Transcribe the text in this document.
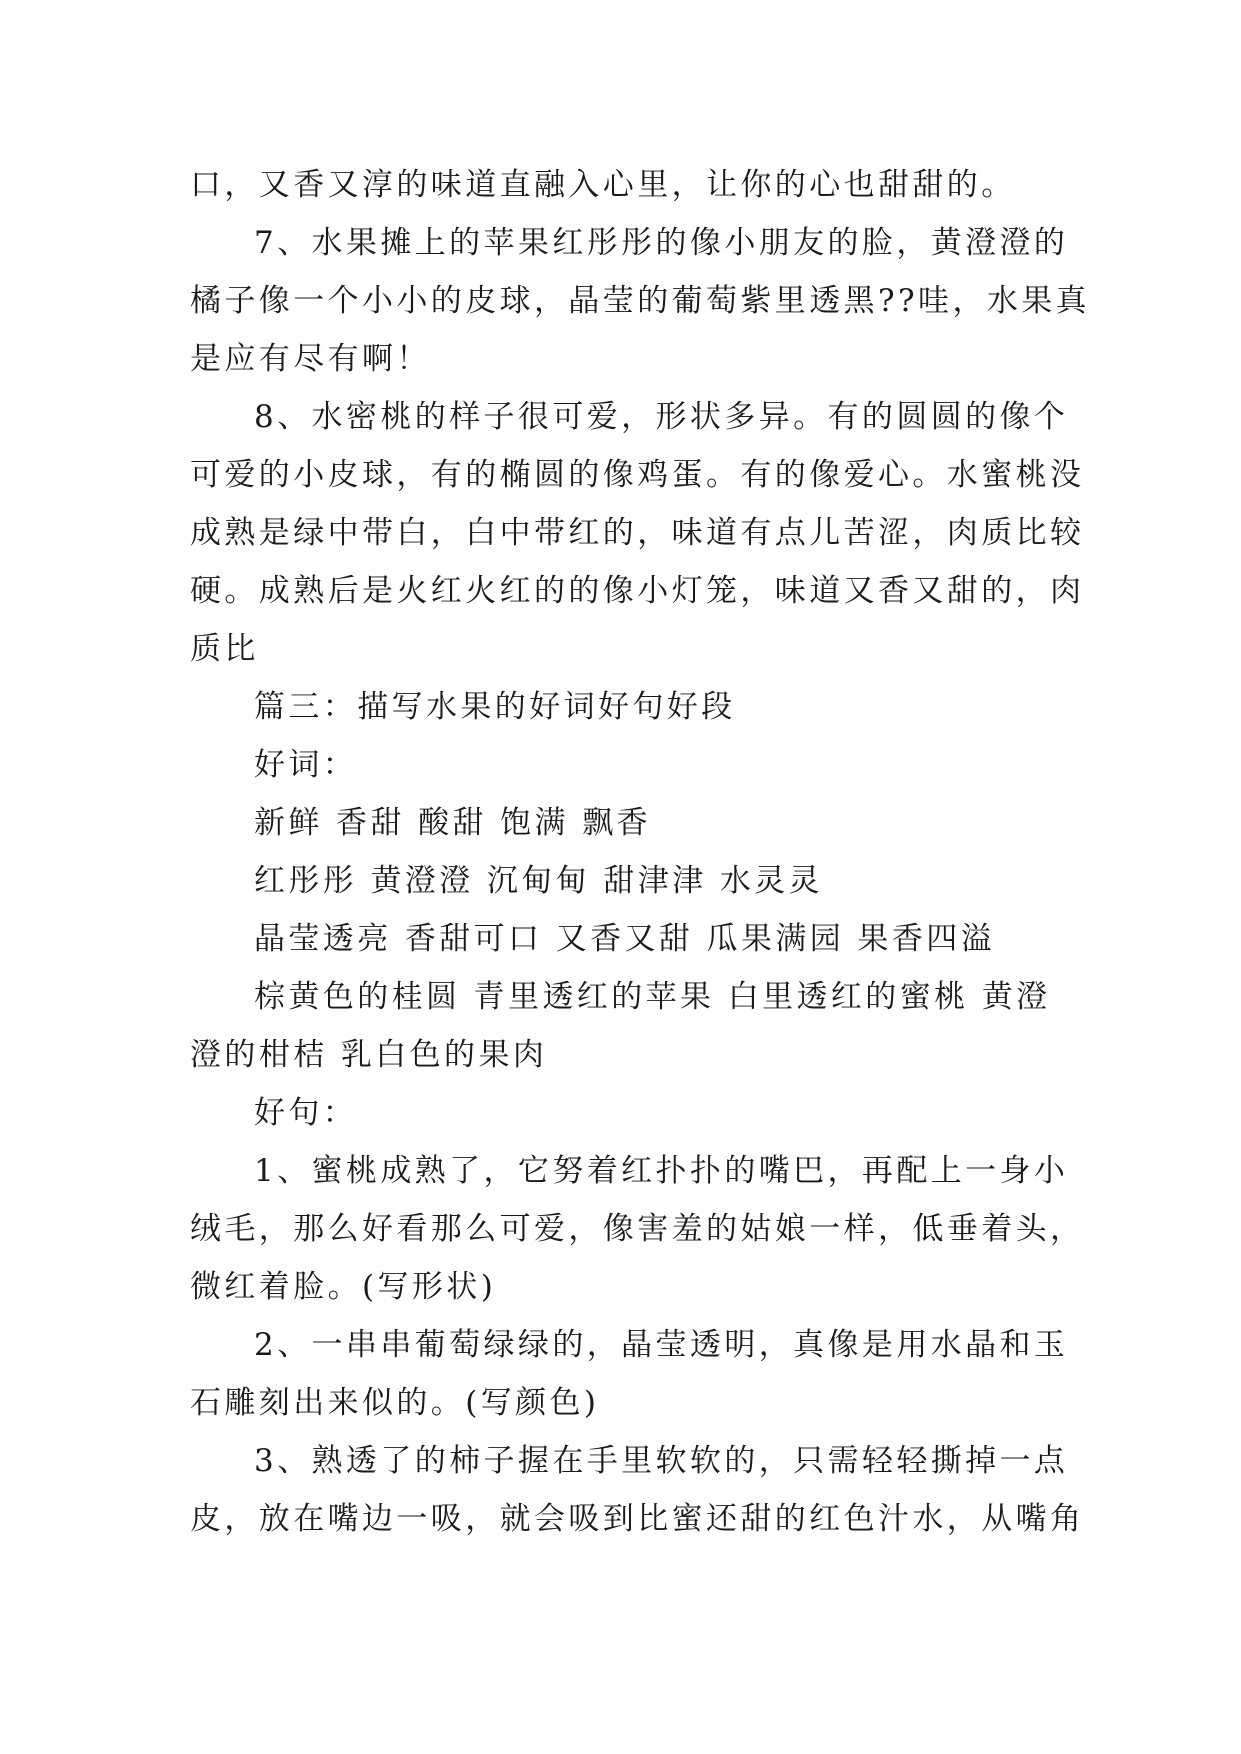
口，又香又淳的味道直融入心里，让你的心也甜甜的。
7、水果摊上的苹果红彤彤的像小朋友的脸，黄澄澄的
橘子像一个小小的皮球，晶莹的葡萄紫里透黑??哇，水果真
是应有尽有啊！
8、水密桃的样子很可爱，形状多异。有的圆圆的像个
可爱的小皮球，有的椭圆的像鸡蛋。有的像爱心。水蜜桃没
成熟是绿中带白，白中带红的，味道有点儿苦涩，肉质比较
硬。成熟后是火红火红的的像小灯笼，味道又香又甜的，肉
质比
篇三：描写水果的好词好句好段
好词：
新鲜 香甜 酸甜 饱满 飘香
红彤彤 黄澄澄 沉甸甸 甜津津 水灵灵
晶莹透亮 香甜可口 又香又甜 瓜果满园 果香四溢
棕黄色的桂圆 青里透红的苹果 白里透红的蜜桃 黄澄
澄的柑桔 乳白色的果肉
好句：
1、蜜桃成熟了，它努着红扑扑的嘴巴，再配上一身小
绒毛，那么好看那么可爱，像害羞的姑娘一样，低垂着头，
微红着脸。(写形状)
2、一串串葡萄绿绿的，晶莹透明，真像是用水晶和玉
石雕刻出来似的。(写颜色)
3、熟透了的柿子握在手里软软的，只需轻轻撕掉一点
皮，放在嘴边一吸，就会吸到比蜜还甜的红色汁水，从嘴角
